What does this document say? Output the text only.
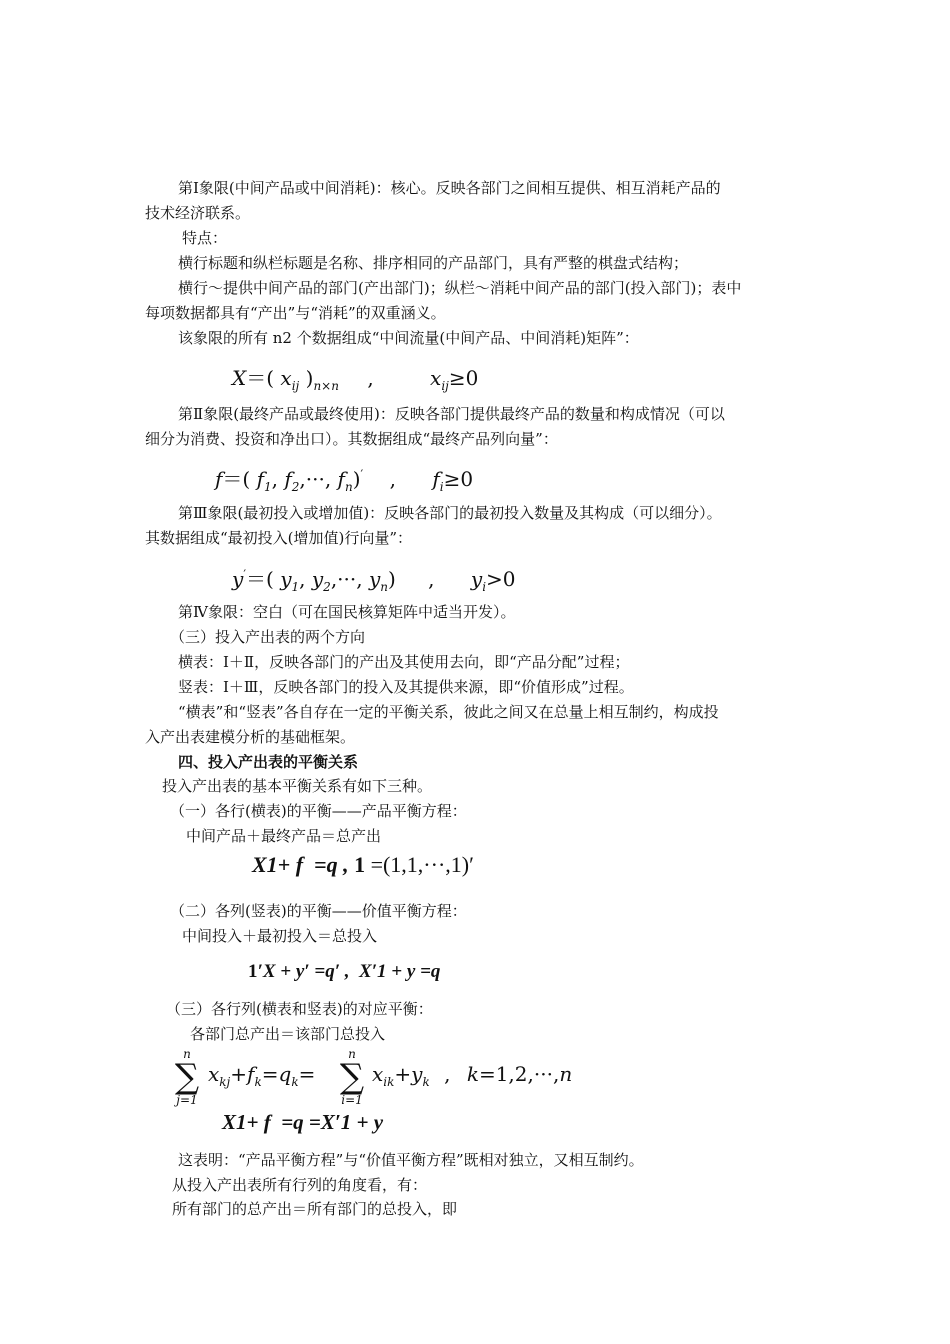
第Ⅰ象限(中间产品或中间消耗)：核心。反映各部门之间相互提供、相互消耗产品的
技术经济联系。
特点：
横行标题和纵栏标题是名称、排序相同的产品部门，具有严整的棋盘式结构；
横行～提供中间产品的部门(产出部门)；纵栏～消耗中间产品的部门(投入部门)；表中
每项数据都具有“产出”与“消耗”的双重涵义。
该象限的所有 n2 个数据组成“中间流量(中间产品、中间消耗)矩阵”：
X＝( $x_{ij}$ )$_{n\times n}$ ,	$x_{ij}\ge 0$
第Ⅱ象限(最终产品或最终使用)：反映各部门提供最终产品的数量和构成情况（可以
细分为消费、投资和净出口）。其数据组成“最终产品列向量”：
f＝( $f_1$, $f_2,\cdot\cdot\cdot$, $f_n)'$ , $f_i\ge 0$
第Ⅲ象限(最初投入或增加值)：反映各部门的最初投入数量及其构成（可以细分）。
其数据组成“最初投入(增加值)行向量”：
y′＝( $y_1$, $y_2,\cdot\cdot\cdot$, $y_n$) , $y_i>0$
第Ⅳ象限：空白（可在国民核算矩阵中适当开发）。
（三）投入产出表的两个方向
横表：Ⅰ＋Ⅱ，反映各部门的产出及其使用去向，即“产品分配”过程；
竖表：Ⅰ＋Ⅲ，反映各部门的投入及其提供来源，即“价值形成”过程。
“横表”和“竖表”各自存在一定的平衡关系，彼此之间又在总量上相互制约，构成投
入产出表建模分析的基础框架。
四、投入产出表的平衡关系
投入产出表的基本平衡关系有如下三种。
（一）各行(横表)的平衡——产品平衡方程：
中间产品＋最终产品＝总产出
X1+ f  =q , 1 =(1,1,···,1)′
（二）各列(竖表)的平衡——价值平衡方程：
中间投入＋最初投入＝总投入
1′X + y′ =q′ ,  X′1 + y =q
（三）各行列(横表和竖表)的对应平衡：
各部门总产出＝该部门总投入
n
∑
j=1
$x_{kj}+f_k=q_k=$
n
∑
i=1
$x_{ik}+y_k$ , k=1,2,···,n
X1+ f  =q =X′1 + y
这表明：“产品平衡方程”与“价值平衡方程”既相对独立，又相互制约。
从投入产出表所有行列的角度看，有：
所有部门的总产出＝所有部门的总投入，即
